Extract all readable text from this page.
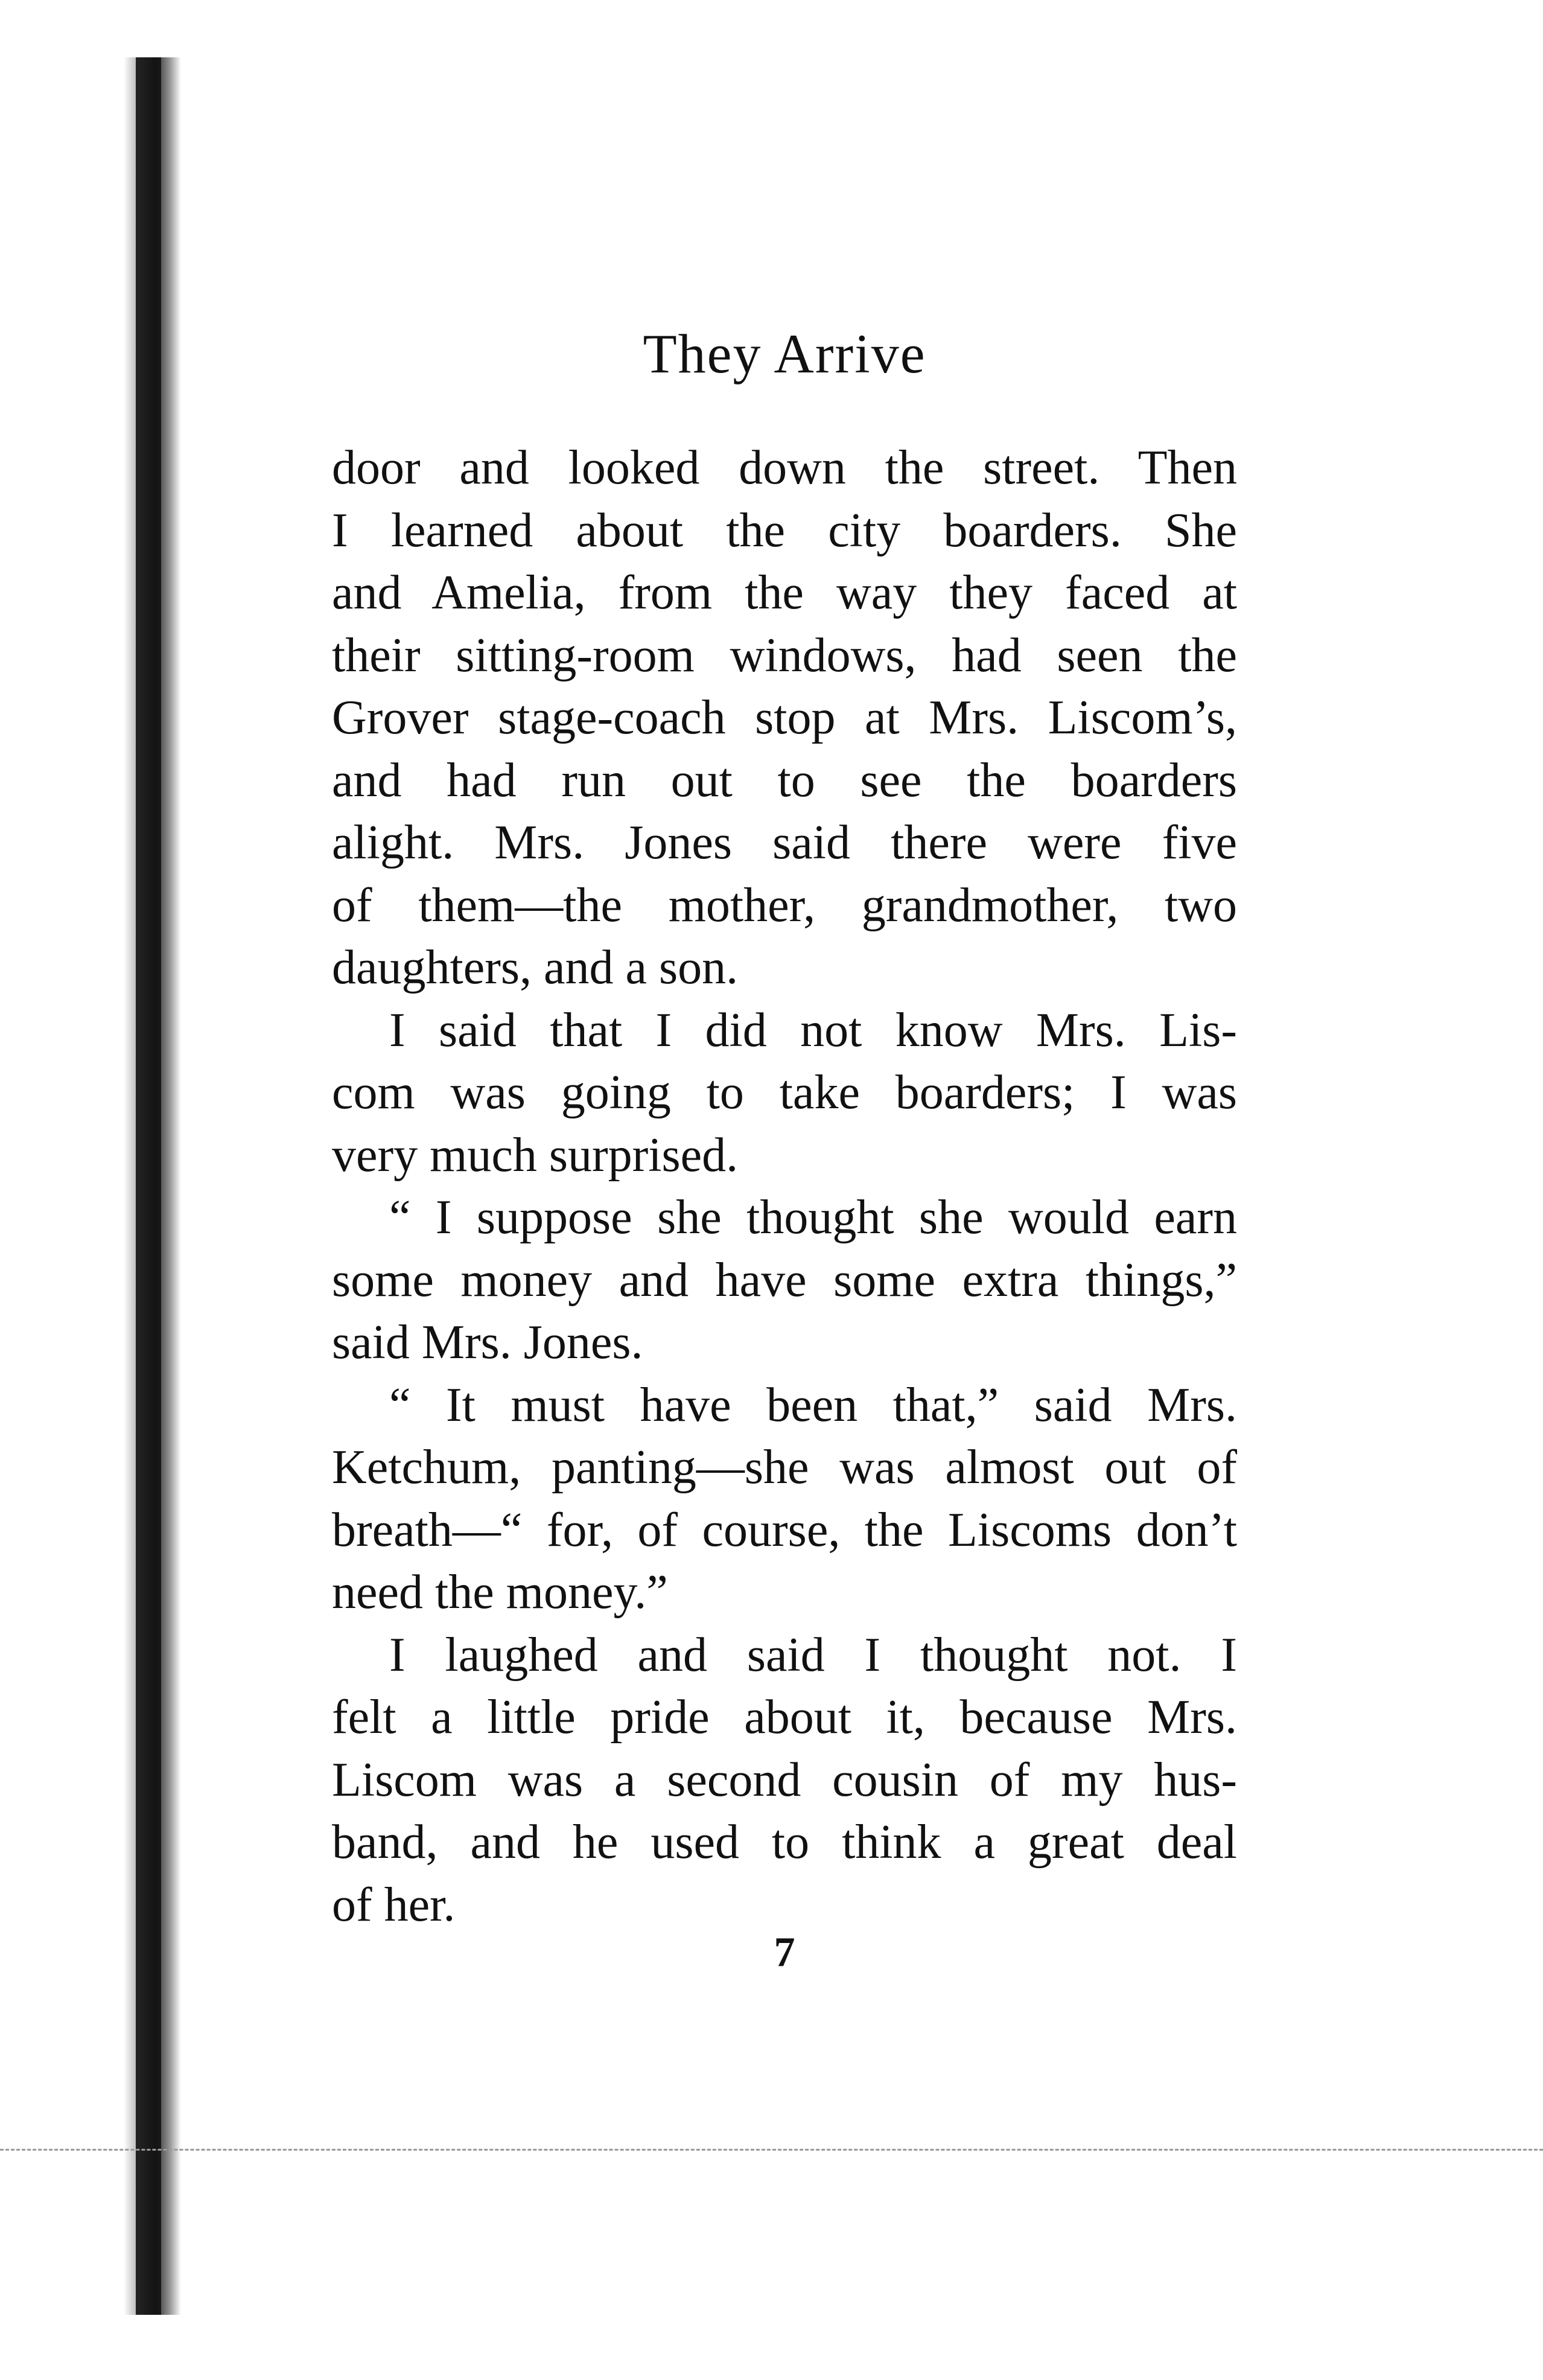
They Arrive
door and looked down the street. Then
I learned about the city boarders. She
and Amelia, from the way they faced at
their sitting-room windows, had seen the
Grover stage-coach stop at Mrs. Liscom’s,
and had run out to see the boarders
alight. Mrs. Jones said there were five
of them—the mother, grandmother, two
daughters, and a son.
I said that I did not know Mrs. Lis-
com was going to take boarders; I was
very much surprised.
“ I suppose she thought she would earn
some money and have some extra things,”
said Mrs. Jones.
“ It must have been that,” said Mrs.
Ketchum, panting—she was almost out of
breath—“ for, of course, the Liscoms don’t
need the money.”
I laughed and said I thought not. I
felt a little pride about it, because Mrs.
Liscom was a second cousin of my hus-
band, and he used to think a great deal
of her.
7
